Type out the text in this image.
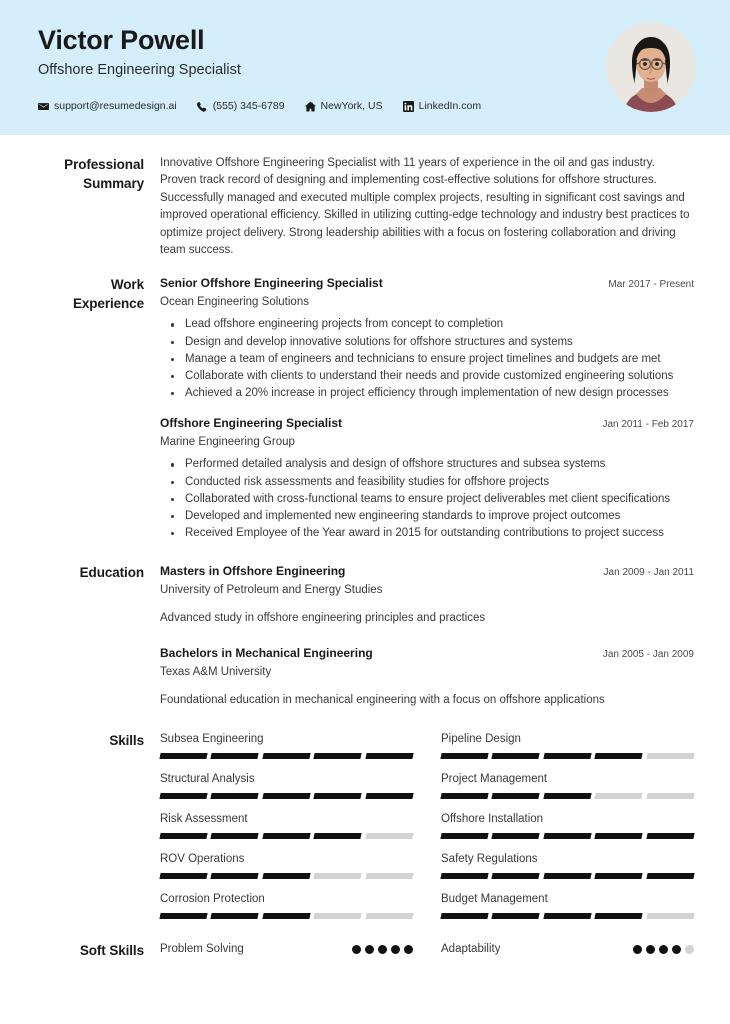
Victor Powell
Offshore Engineering Specialist
support@resumedesign.ai	(555) 345-6789	NewYork, US	LinkedIn.com
Professional Summary
Innovative Offshore Engineering Specialist with 11 years of experience in the oil and gas industry. Proven track record of designing and implementing cost-effective solutions for offshore structures. Successfully managed and executed multiple complex projects, resulting in significant cost savings and improved operational efficiency. Skilled in utilizing cutting-edge technology and industry best practices to optimize project delivery. Strong leadership abilities with a focus on fostering collaboration and driving team success.
Work Experience
Senior Offshore Engineering Specialist	Mar 2017 - Present
Ocean Engineering Solutions
Lead offshore engineering projects from concept to completion
Design and develop innovative solutions for offshore structures and systems
Manage a team of engineers and technicians to ensure project timelines and budgets are met
Collaborate with clients to understand their needs and provide customized engineering solutions
Achieved a 20% increase in project efficiency through implementation of new design processes
Offshore Engineering Specialist	Jan 2011 - Feb 2017
Marine Engineering Group
Performed detailed analysis and design of offshore structures and subsea systems
Conducted risk assessments and feasibility studies for offshore projects
Collaborated with cross-functional teams to ensure project deliverables met client specifications
Developed and implemented new engineering standards to improve project outcomes
Received Employee of the Year award in 2015 for outstanding contributions to project success
Education	Masters in Offshore Engineering	Jan 2009 - Jan 2011
University of Petroleum and Energy Studies
Advanced study in offshore engineering principles and practices
Bachelors in Mechanical Engineering	Jan 2005 - Jan 2009
Texas A&M University
Foundational education in mechanical engineering with a focus on offshore applications
Skills	Subsea Engineering	Pipeline Design
Structural Analysis	Project Management
Risk Assessment	Offshore Installation
ROV Operations	Safety Regulations
Corrosion Protection	Budget Management
Soft Skills	Problem Solving	Adaptability
